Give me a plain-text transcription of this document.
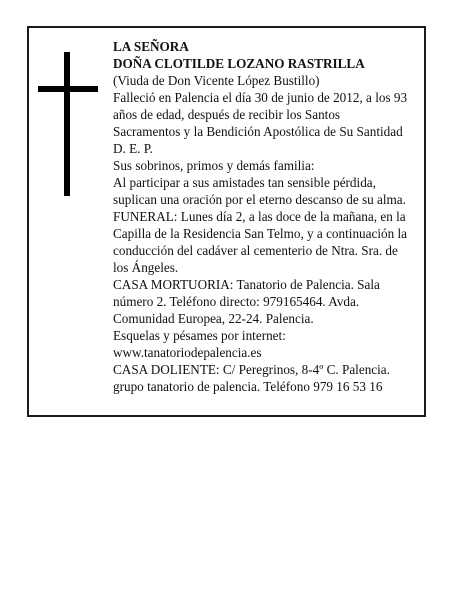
LA SEÑORA

DOÑA CLOTILDE LOZANO RASTRILLA

(Viuda de Don Vicente López Bustillo)

Falleció en Palencia el día 30 de junio de 2012, a los 93

años de edad, después de recibir los Santos

Sacramentos y la Bendición Apostólica de Su Santidad

D. E. P.

Sus sobrinos, primos y demás familia:

Al participar a sus amistades tan sensible pérdida,

suplican una oración por el eterno descanso de su alma.

FUNERAL: Lunes día 2, a las doce de la mañana, en la

Capilla de la Residencia San Telmo, y a continuación la

conducción del cadáver al cementerio de Ntra. Sra. de

los Ángeles.

CASA MORTUORIA: Tanatorio de Palencia. Sala

número 2. Teléfono directo: 979165464. Avda.

Comunidad Europea, 22-24. Palencia.

Esquelas y pésames por internet:

www.tanatoriodepalencia.es

CASA DOLIENTE: C/ Peregrinos, 8-4º C. Palencia.

grupo tanatorio de palencia. Teléfono 979 16 53 16
